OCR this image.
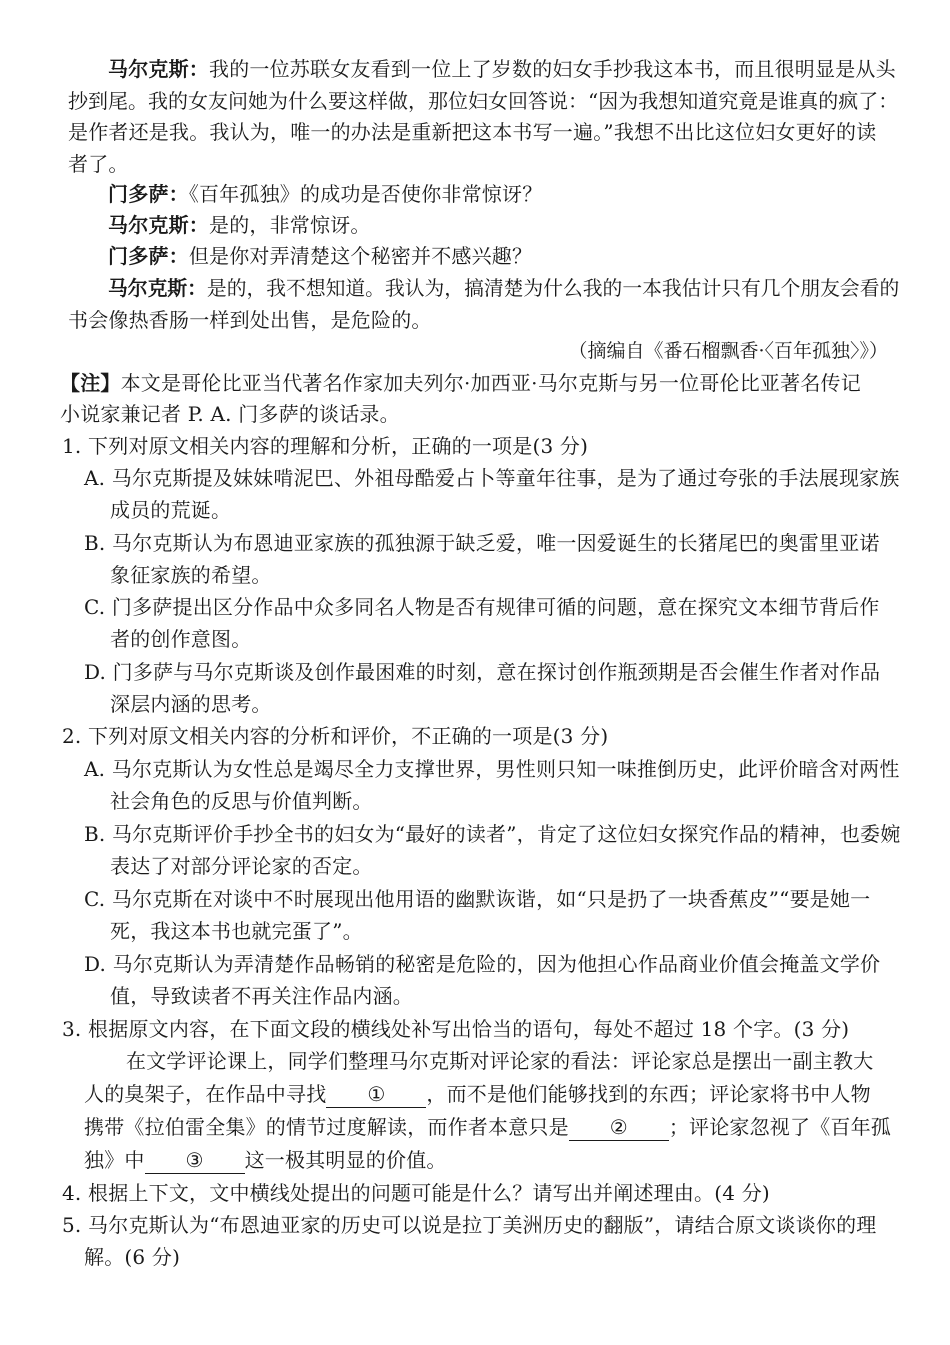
马尔克斯：我的一位苏联女友看到一位上了岁数的妇女手抄我这本书，而且很明显是从头
抄到尾。我的女友问她为什么要这样做，那位妇女回答说：“因为我想知道究竟是谁真的疯了：
是作者还是我。我认为，唯一的办法是重新把这本书写一遍。”我想不出比这位妇女更好的读
者了。
门多萨：《百年孤独》的成功是否使你非常惊讶？
马尔克斯：是的，非常惊讶。
门多萨：但是你对弄清楚这个秘密并不感兴趣？
马尔克斯：是的，我不想知道。我认为，搞清楚为什么我的一本我估计只有几个朋友会看的
书会像热香肠一样到处出售，是危险的。
（摘编自《番石榴飘香·〈百年孤独〉》）
【注】本文是哥伦比亚当代著名作家加夫列尔·加西亚·马尔克斯与另一位哥伦比亚著名传记
小说家兼记者 P. A. 门多萨的谈话录。
1. 下列对原文相关内容的理解和分析，正确的一项是(3 分)
A. 马尔克斯提及妹妹啃泥巴、外祖母酷爱占卜等童年往事，是为了通过夸张的手法展现家族
成员的荒诞。
B. 马尔克斯认为布恩迪亚家族的孤独源于缺乏爱，唯一因爱诞生的长猪尾巴的奥雷里亚诺
象征家族的希望。
C. 门多萨提出区分作品中众多同名人物是否有规律可循的问题，意在探究文本细节背后作
者的创作意图。
D. 门多萨与马尔克斯谈及创作最困难的时刻，意在探讨创作瓶颈期是否会催生作者对作品
深层内涵的思考。
2. 下列对原文相关内容的分析和评价，不正确的一项是(3 分)
A. 马尔克斯认为女性总是竭尽全力支撑世界，男性则只知一味推倒历史，此评价暗含对两性
社会角色的反思与价值判断。
B. 马尔克斯评价手抄全书的妇女为“最好的读者”，肯定了这位妇女探究作品的精神，也委婉
表达了对部分评论家的否定。
C. 马尔克斯在对谈中不时展现出他用语的幽默诙谐，如“只是扔了一块香蕉皮”“要是她一
死，我这本书也就完蛋了”。
D. 马尔克斯认为弄清楚作品畅销的秘密是危险的，因为他担心作品商业价值会掩盖文学价
值，导致读者不再关注作品内涵。
3. 根据原文内容，在下面文段的横线处补写出恰当的语句，每处不超过 18 个字。(3 分)
在文学评论课上，同学们整理马尔克斯对评论家的看法：评论家总是摆出一副主教大
人的臭架子，在作品中寻找 ① ，而不是他们能够找到的东西；评论家将书中人物
携带《拉伯雷全集》的情节过度解读，而作者本意只是 ② ；评论家忽视了《百年孤
独》中 ③ 这一极其明显的价值。
4. 根据上下文，文中横线处提出的问题可能是什么？请写出并阐述理由。(4 分)
5. 马尔克斯认为“布恩迪亚家的历史可以说是拉丁美洲历史的翻版”，请结合原文谈谈你的理
解。(6 分)
